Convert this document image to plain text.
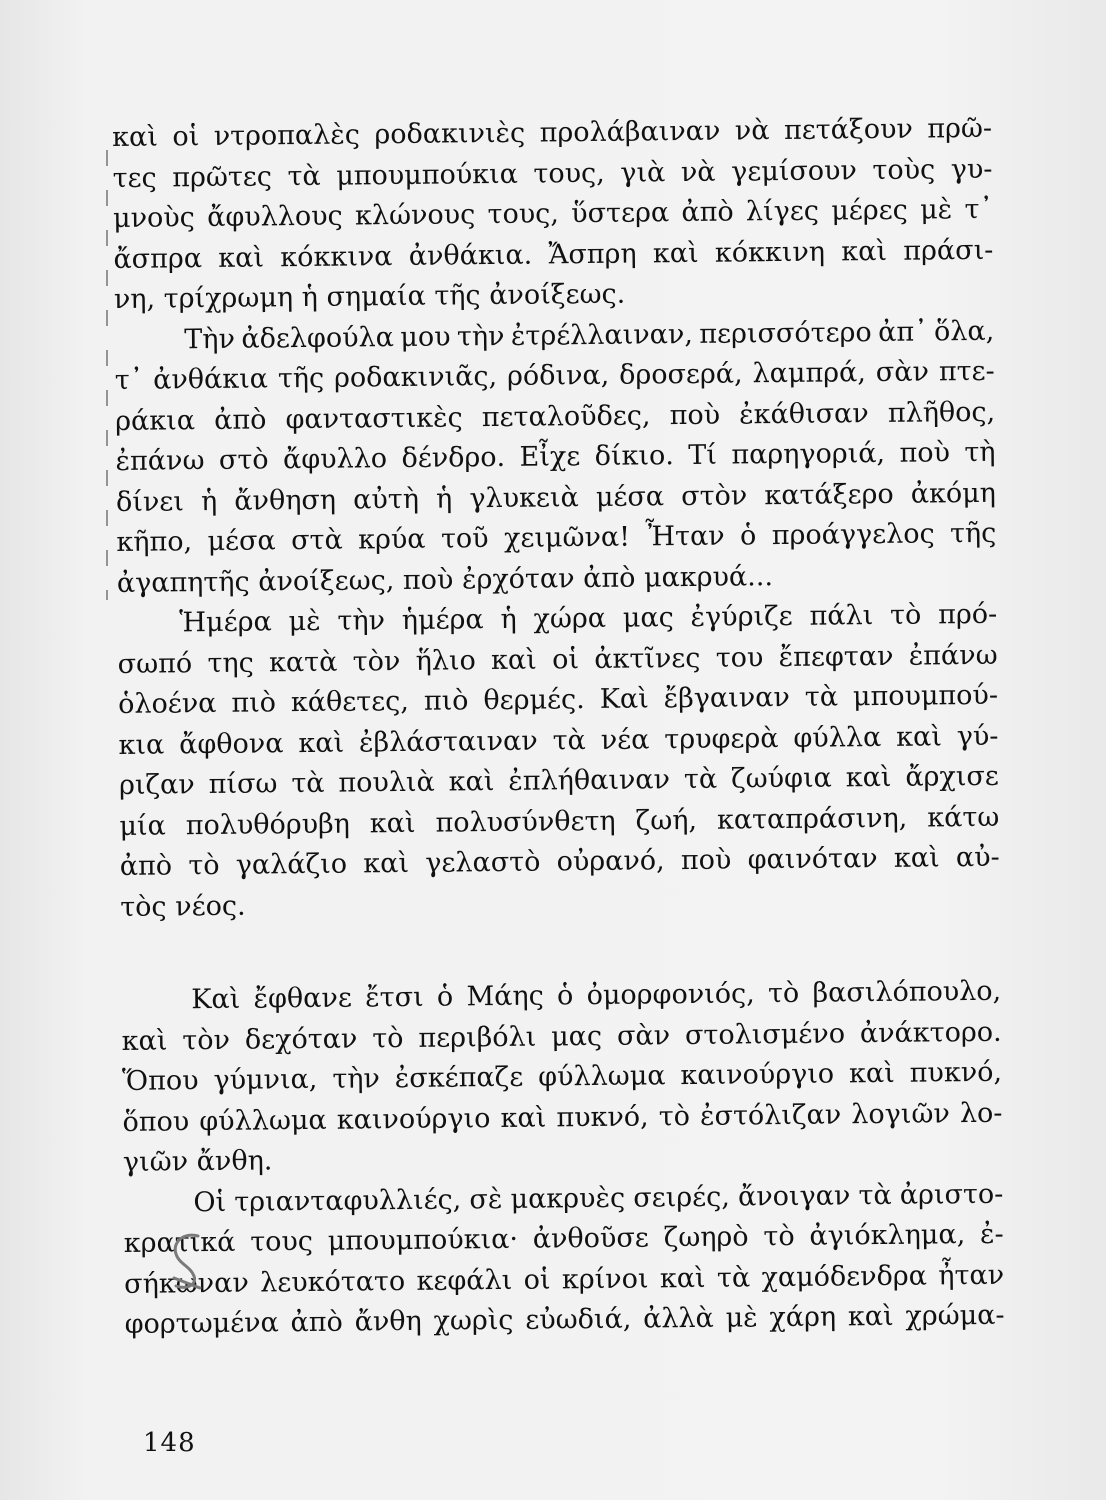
καὶ οἱ ντροπαλὲς ροδακινιὲς προλάβαιναν νὰ πετάξουν πρῶ-
τες πρῶτες τὰ μπουμπούκια τους, γιὰ νὰ γεμίσουν τοὺς γυ-
μνοὺς ἄφυλλους κλώνους τους, ὕστερα ἀπὸ λίγες μέρες μὲ τ᾽
ἄσπρα καὶ κόκκινα ἀνθάκια. Ἄσπρη καὶ κόκκινη καὶ πράσι-
νη, τρίχρωμη ἡ σημαία τῆς ἀνοίξεως.
Τὴν ἀδελφούλα μου τὴν ἐτρέλλαιναν, περισσότερο ἀπ᾽ ὅλα,
τ᾽ ἀνθάκια τῆς ροδακινιᾶς, ρόδινα, δροσερά, λαμπρά, σὰν πτε-
ράκια ἀπὸ φανταστικὲς πεταλοῦδες, ποὺ ἐκάθισαν πλῆθος,
ἐπάνω στὸ ἄφυλλο δένδρο. Εἶχε δίκιο. Τί παρηγοριά, ποὺ τὴ
δίνει ἡ ἄνθηση αὐτὴ ἡ γλυκειὰ μέσα στὸν κατάξερο ἀκόμη
κῆπο, μέσα στὰ κρύα τοῦ χειμῶνα! Ἦταν ὁ προάγγελος τῆς
ἀγαπητῆς ἀνοίξεως, ποὺ ἐρχόταν ἀπὸ μακρυά...
Ἡμέρα μὲ τὴν ἡμέρα ἡ χώρα μας ἐγύριζε πάλι τὸ πρό-
σωπό της κατὰ τὸν ἥλιο καὶ οἱ ἀκτῖνες του ἔπεφταν ἐπάνω
ὁλοένα πιὸ κάθετες, πιὸ θερμές. Καὶ ἔβγαιναν τὰ μπουμπού-
κια ἄφθονα καὶ ἐβλάσταιναν τὰ νέα τρυφερὰ φύλλα καὶ γύ-
ριζαν πίσω τὰ πουλιὰ καὶ ἐπλήθαιναν τὰ ζωύφια καὶ ἄρχισε
μία πολυθόρυβη καὶ πολυσύνθετη ζωή, καταπράσινη, κάτω
ἀπὸ τὸ γαλάζιο καὶ γελαστὸ οὐρανό, ποὺ φαινόταν καὶ αὐ-
τὸς νέος.
Καὶ ἔφθανε ἔτσι ὁ Μάης ὁ ὀμορφονιός, τὸ βασιλόπουλο,
καὶ τὸν δεχόταν τὸ περιβόλι μας σὰν στολισμένο ἀνάκτορο.
Ὅπου γύμνια, τὴν ἐσκέπαζε φύλλωμα καινούργιο καὶ πυκνό,
ὅπου φύλλωμα καινούργιο καὶ πυκνό, τὸ ἐστόλιζαν λογιῶν λο-
γιῶν ἄνθη.
Οἱ τριανταφυλλιές, σὲ μακρυὲς σειρές, ἄνοιγαν τὰ ἀριστο-
κρατικά τους μπουμπούκια· ἀνθοῦσε ζωηρὸ τὸ ἀγιόκλημα, ἐ-
σήκωναν λευκότατο κεφάλι οἱ κρίνοι καὶ τὰ χαμόδενδρα ἦταν
φορτωμένα ἀπὸ ἄνθη χωρὶς εὐωδιά, ἀλλὰ μὲ χάρη καὶ χρώμα-
148
